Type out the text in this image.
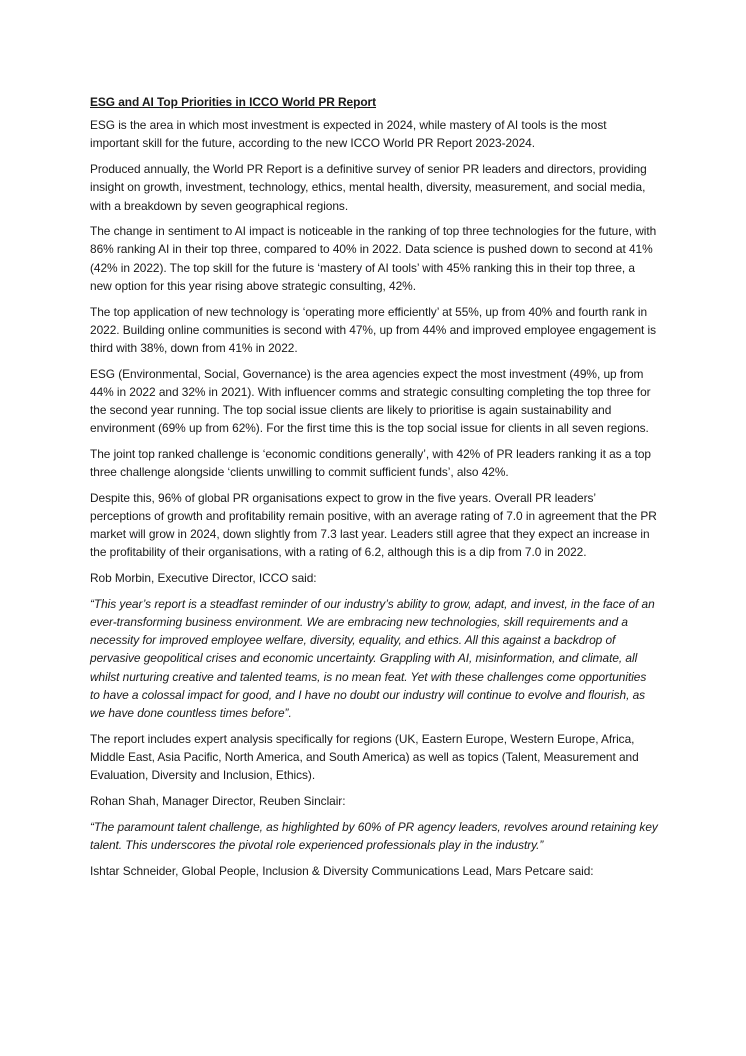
ESG and AI Top Priorities in ICCO World PR Report

ESG is the area in which most investment is expected in 2024, while mastery of AI tools is the most important skill for the future, according to the new ICCO World PR Report 2023-2024.

Produced annually, the World PR Report is a definitive survey of senior PR leaders and directors, providing insight on growth, investment, technology, ethics, mental health, diversity, measurement, and social media, with a breakdown by seven geographical regions.

The change in sentiment to AI impact is noticeable in the ranking of top three technologies for the future, with 86% ranking AI in their top three, compared to 40% in 2022. Data science is pushed down to second at 41% (42% in 2022). The top skill for the future is ‘mastery of AI tools’ with 45% ranking this in their top three, a new option for this year rising above strategic consulting, 42%.

The top application of new technology is ‘operating more efficiently’ at 55%, up from 40% and fourth rank in 2022. Building online communities is second with 47%, up from 44% and improved employee engagement is third with 38%, down from 41% in 2022.

ESG (Environmental, Social, Governance) is the area agencies expect the most investment (49%, up from 44% in 2022 and 32% in 2021). With influencer comms and strategic consulting completing the top three for the second year running. The top social issue clients are likely to prioritise is again sustainability and environment (69% up from 62%). For the first time this is the top social issue for clients in all seven regions.

The joint top ranked challenge is ‘economic conditions generally’, with 42% of PR leaders ranking it as a top three challenge alongside ‘clients unwilling to commit sufficient funds’, also 42%.

Despite this, 96% of global PR organisations expect to grow in the five years. Overall PR leaders’ perceptions of growth and profitability remain positive, with an average rating of 7.0 in agreement that the PR market will grow in 2024, down slightly from 7.3 last year. Leaders still agree that they expect an increase in the profitability of their organisations, with a rating of 6.2, although this is a dip from 7.0 in 2022.

Rob Morbin, Executive Director, ICCO said:

“This year’s report is a steadfast reminder of our industry’s ability to grow, adapt, and invest, in the face of an ever-transforming business environment. We are embracing new technologies, skill requirements and a necessity for improved employee welfare, diversity, equality, and ethics. All this against a backdrop of pervasive geopolitical crises and economic uncertainty. Grappling with AI, misinformation, and climate, all whilst nurturing creative and talented teams, is no mean feat. Yet with these challenges come opportunities to have a colossal impact for good, and I have no doubt our industry will continue to evolve and flourish, as we have done countless times before”.

The report includes expert analysis specifically for regions (UK, Eastern Europe, Western Europe, Africa, Middle East, Asia Pacific, North America, and South America) as well as topics (Talent, Measurement and Evaluation, Diversity and Inclusion, Ethics).

Rohan Shah, Manager Director, Reuben Sinclair:

“The paramount talent challenge, as highlighted by 60% of PR agency leaders, revolves around retaining key talent. This underscores the pivotal role experienced professionals play in the industry.”

Ishtar Schneider, Global People, Inclusion & Diversity Communications Lead, Mars Petcare said:
